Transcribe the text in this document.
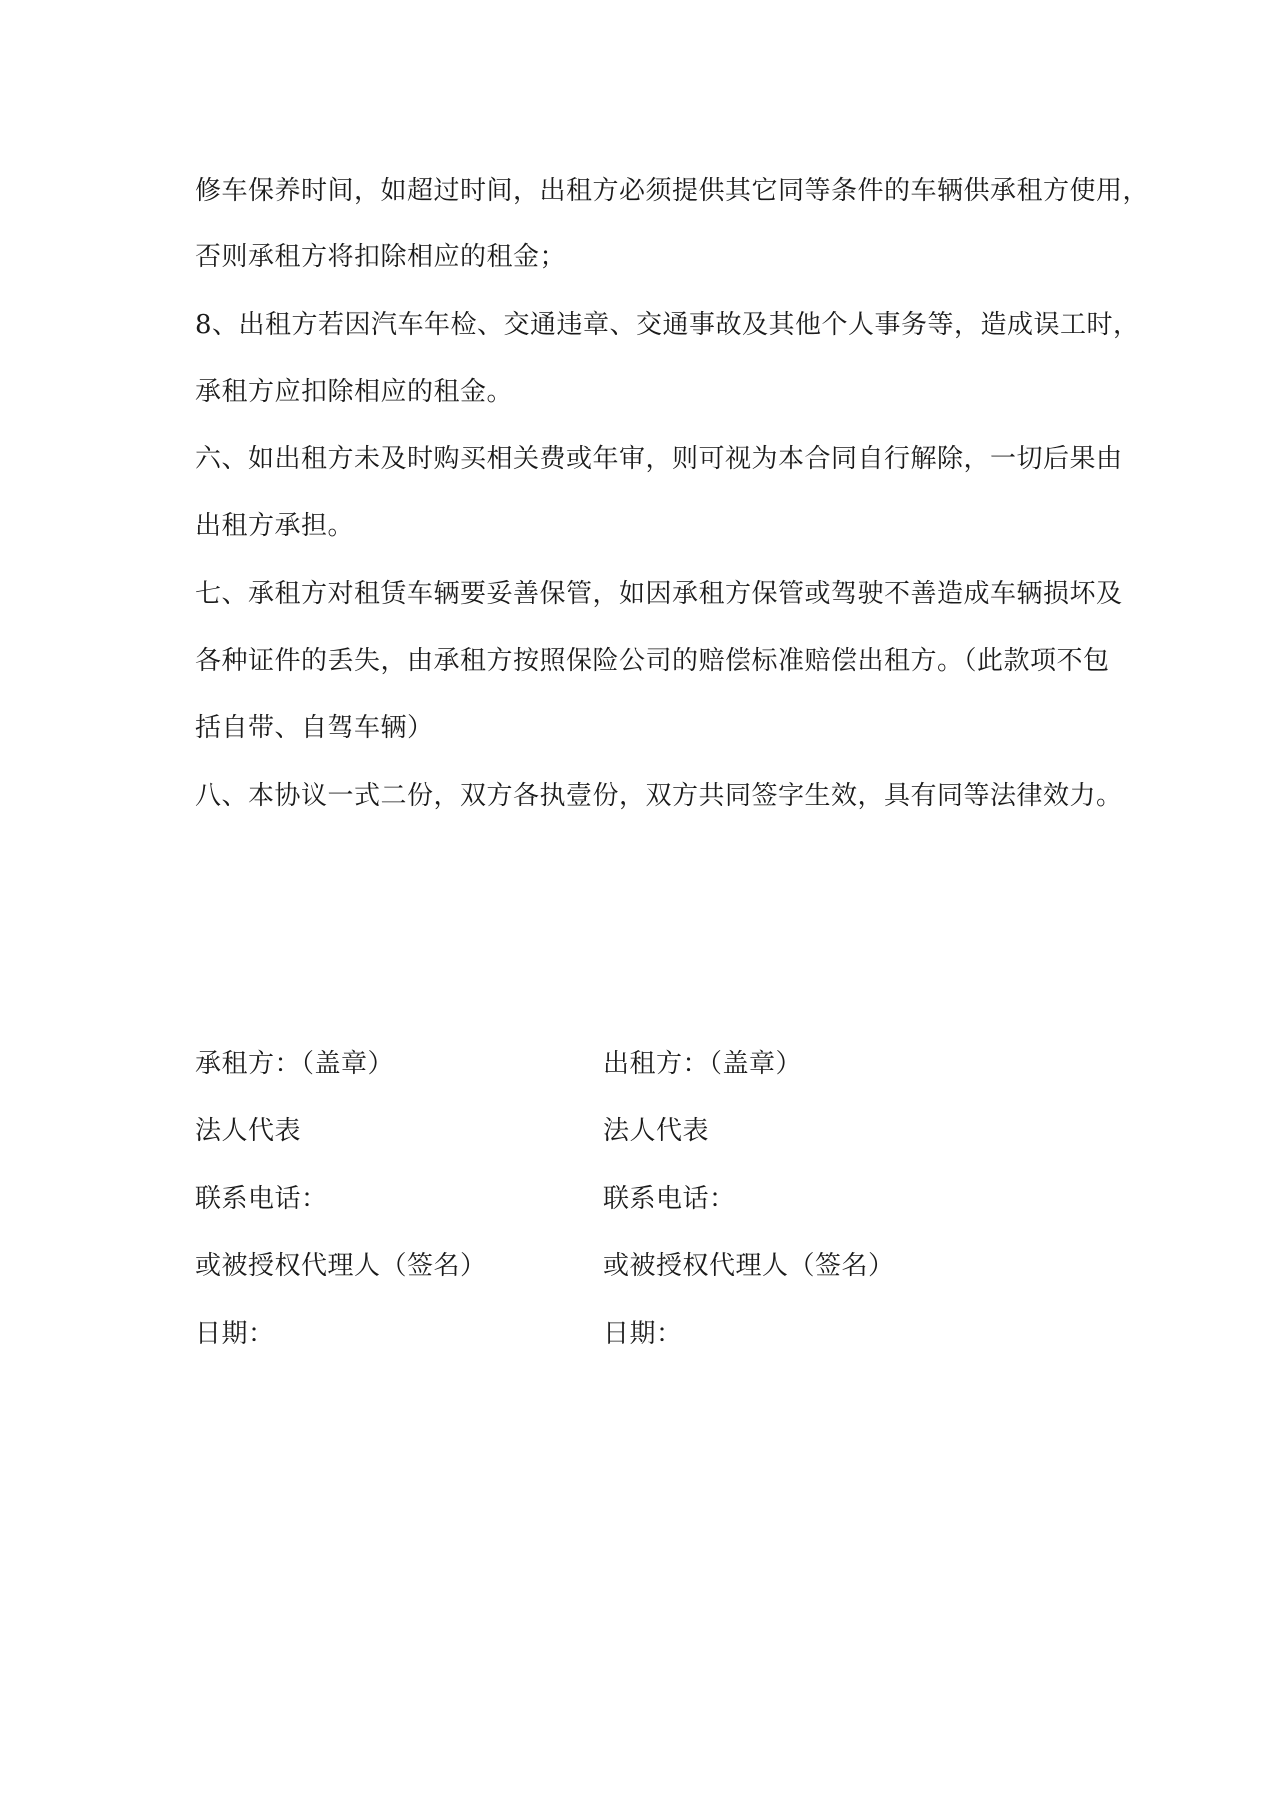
修车保养时间，如超过时间，出租方必须提供其它同等条件的车辆供承租方使用，
否则承租方将扣除相应的租金；
8、出租方若因汽车年检、交通违章、交通事故及其他个人事务等，造成误工时，
承租方应扣除相应的租金。
六、如出租方未及时购买相关费或年审，则可视为本合同自行解除，一切后果由
出租方承担。
七、承租方对租赁车辆要妥善保管，如因承租方保管或驾驶不善造成车辆损坏及
各种证件的丢失，由承租方按照保险公司的赔偿标准赔偿出租方。（此款项不包
括自带、自驾车辆）
八、本协议一式二份，双方各执壹份，双方共同签字生效，具有同等法律效力。
承租方：（盖章）
法人代表
联系电话：
或被授权代理人（签名）
日期：
出租方：（盖章）
法人代表
联系电话：
或被授权代理人（签名）
日期：
